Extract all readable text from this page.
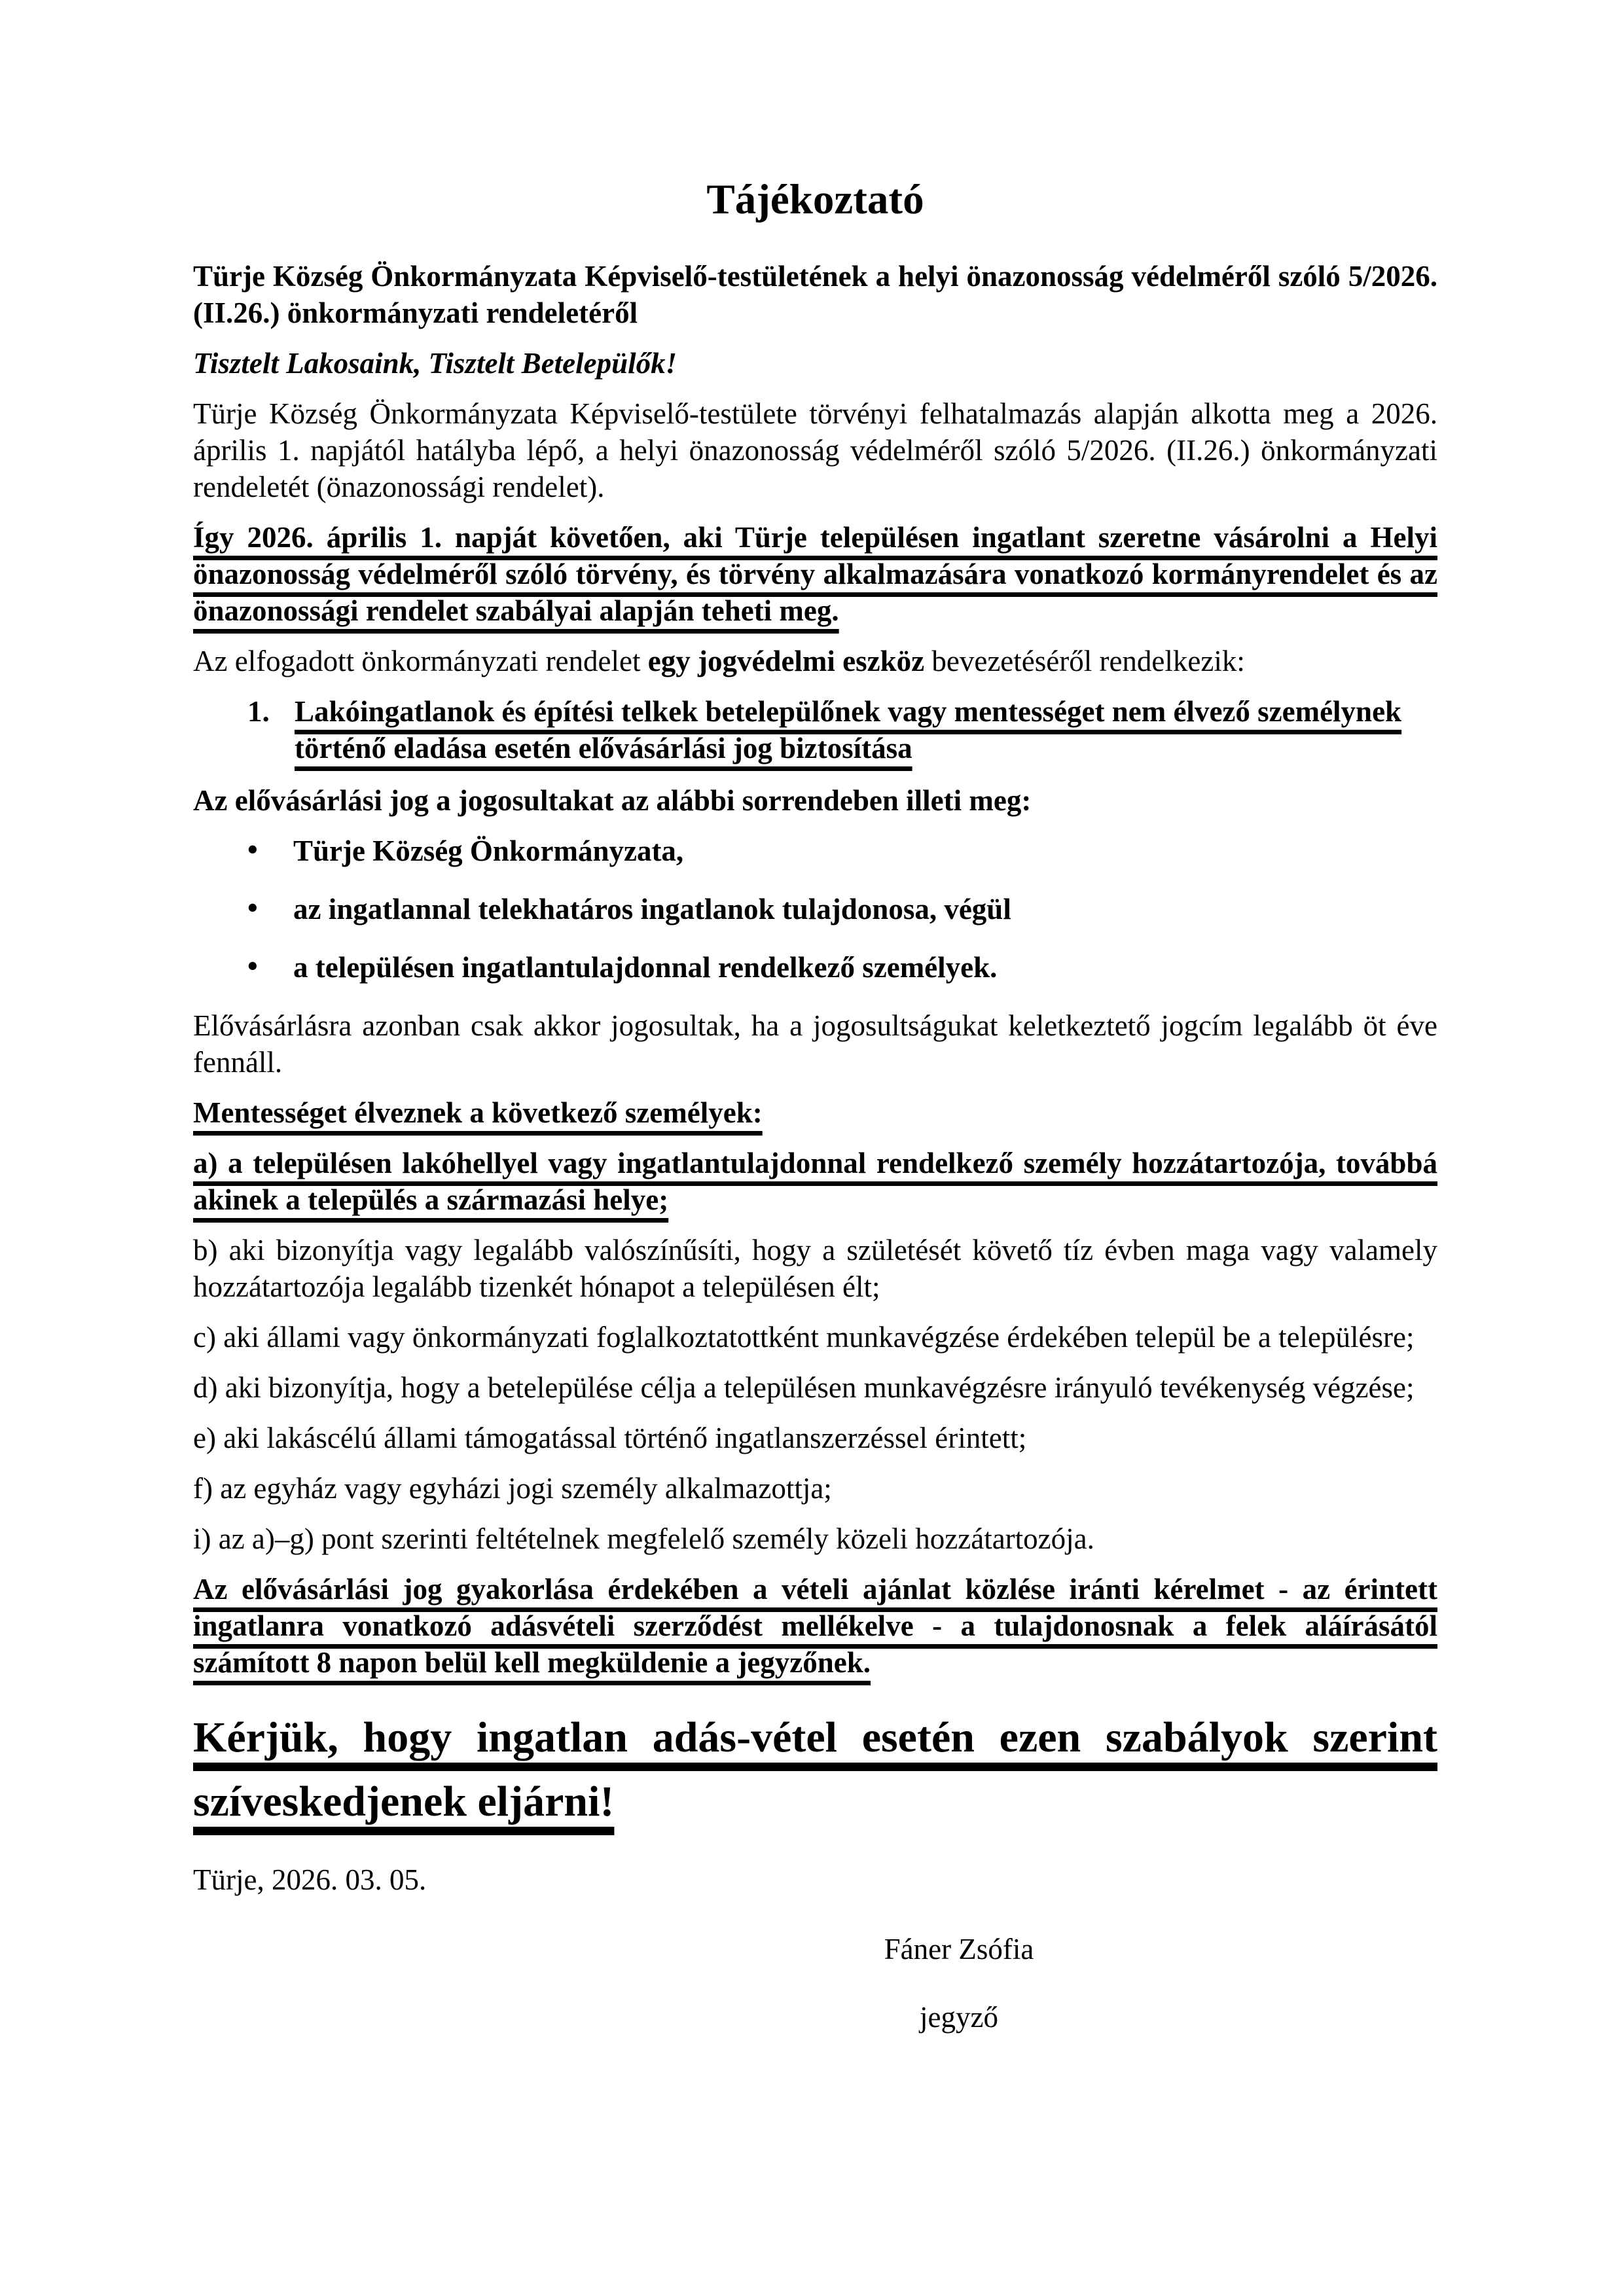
Tájékoztató

Türje Község Önkormányzata Képviselő-testületének a helyi önazonosság védelméről szóló 5/2026. (II.26.) önkormányzati rendeletéről

Tisztelt Lakosaink, Tisztelt Betelepülők!

Türje Község Önkormányzata Képviselő-testülete törvényi felhatalmazás alapján alkotta meg a 2026. április 1. napjától hatályba lépő, a helyi önazonosság védelméről szóló 5/2026. (II.26.) önkormányzati rendeletét (önazonossági rendelet).

Így 2026. április 1. napját követően, aki Türje településen ingatlant szeretne vásárolni a Helyi önazonosság védelméről szóló törvény, és törvény alkalmazására vonatkozó kormányrendelet és az önazonossági rendelet szabályai alapján teheti meg.

Az elfogadott önkormányzati rendelet egy jogvédelmi eszköz bevezetéséről rendelkezik:

1. Lakóingatlanok és építési telkek betelepülőnek vagy mentességet nem élvező személynek történő eladása esetén elővásárlási jog biztosítása

Az elővásárlási jog a jogosultakat az alábbi sorrendeben illeti meg:

• Türje Község Önkormányzata,
• az ingatlannal telekhatáros ingatlanok tulajdonosa, végül
• a településen ingatlantulajdonnal rendelkező személyek.

Elővásárlásra azonban csak akkor jogosultak, ha a jogosultságukat keletkeztető jogcím legalább öt éve fennáll.

Mentességet élveznek a következő személyek:

a) a településen lakóhellyel vagy ingatlantulajdonnal rendelkező személy hozzátartozója, továbbá akinek a település a származási helye;

b) aki bizonyítja vagy legalább valószínűsíti, hogy a születését követő tíz évben maga vagy valamely hozzátartozója legalább tizenkét hónapot a településen élt;

c) aki állami vagy önkormányzati foglalkoztatottként munkavégzése érdekében települ be a településre;

d) aki bizonyítja, hogy a betelepülése célja a településen munkavégzésre irányuló tevékenység végzése;

e) aki lakáscélú állami támogatással történő ingatlanszerzéssel érintett;

f) az egyház vagy egyházi jogi személy alkalmazottja;

i) az a)–g) pont szerinti feltételnek megfelelő személy közeli hozzátartozója.

Az elővásárlási jog gyakorlása érdekében a vételi ajánlat közlése iránti kérelmet - az érintett ingatlanra vonatkozó adásvételi szerződést mellékelve - a tulajdonosnak a felek aláírásától számított 8 napon belül kell megküldenie a jegyzőnek.

Kérjük, hogy ingatlan adás-vétel esetén ezen szabályok szerint szíveskedjenek eljárni!

Türje, 2026. 03. 05.

Fáner Zsófia

jegyző
